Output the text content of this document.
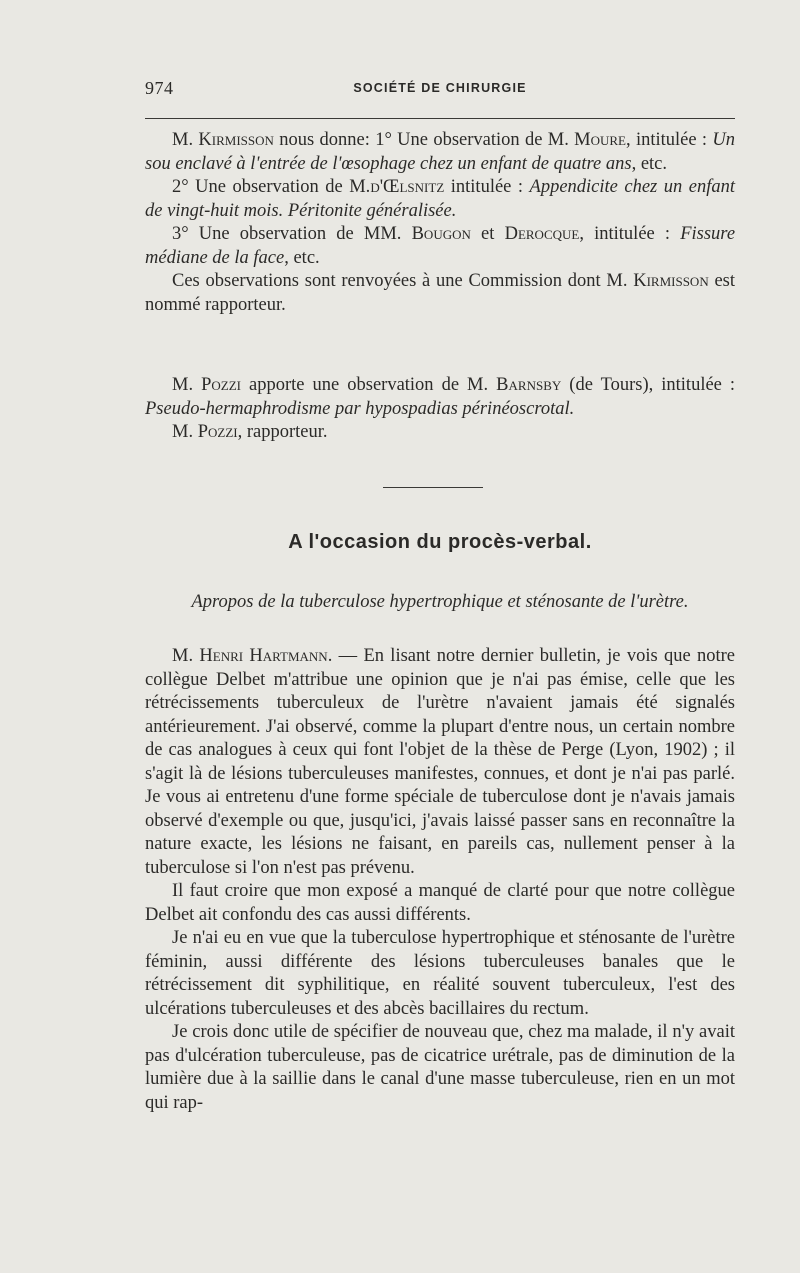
974	SOCIÉTÉ DE CHIRURGIE

M. Kirmisson nous donne: 1° Une observation de M. Moure, intitulée : Un sou enclavé à l'entrée de l'œsophage chez un enfant de quatre ans, etc.

2° Une observation de M.d'Œlsnitz intitulée : Appendicite chez un enfant de vingt-huit mois. Péritonite généralisée.

3° Une observation de MM. Bougon et Derocque, intitulée : Fissure médiane de la face, etc.

Ces observations sont renvoyées à une Commission dont M. Kirmisson est nommé rapporteur.

M. Pozzi apporte une observation de M. Barnsby (de Tours), intitulée : Pseudo-hermaphrodisme par hypospadias périnéoscrotal.

M. Pozzi, rapporteur.

A l'occasion du procès-verbal.
Apropos de la tuberculose hypertrophique et sténosante de l'urètre.

M. Henri Hartmann. — En lisant notre dernier bulletin, je vois que notre collègue Delbet m'attribue une opinion que je n'ai pas émise, celle que les rétrécissements tuberculeux de l'urètre n'avaient jamais été signalés antérieurement. J'ai observé, comme la plupart d'entre nous, un certain nombre de cas analogues à ceux qui font l'objet de la thèse de Perge (Lyon, 1902) ; il s'agit là de lésions tuberculeuses manifestes, connues, et dont je n'ai pas parlé. Je vous ai entretenu d'une forme spéciale de tuberculose dont je n'avais jamais observé d'exemple ou que, jusqu'ici, j'avais laissé passer sans en reconnaître la nature exacte, les lésions ne faisant, en pareils cas, nullement penser à la tuberculose si l'on n'est pas prévenu.

Il faut croire que mon exposé a manqué de clarté pour que notre collègue Delbet ait confondu des cas aussi différents.

Je n'ai eu en vue que la tuberculose hypertrophique et sténosante de l'urètre féminin, aussi différente des lésions tuberculeuses banales que le rétrécissement dit syphilitique, en réalité souvent tuberculeux, l'est des ulcérations tuberculeuses et des abcès bacillaires du rectum.

Je crois donc utile de spécifier de nouveau que, chez ma malade, il n'y avait pas d'ulcération tuberculeuse, pas de cicatrice urétrale, pas de diminution de la lumière due à la saillie dans le canal d'une masse tuberculeuse, rien en un mot qui rap-
